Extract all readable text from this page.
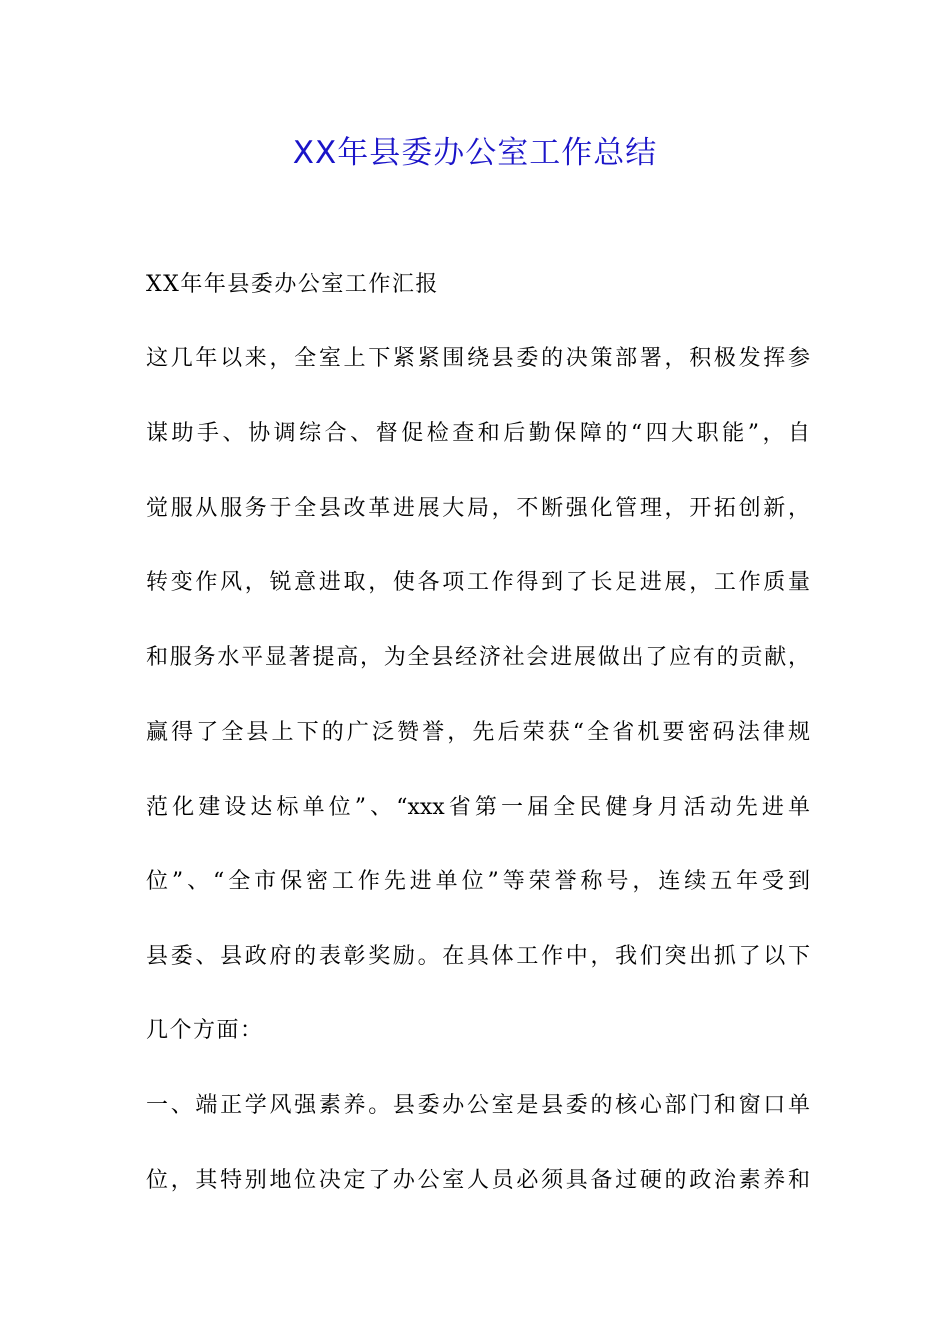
XX年县委办公室工作总结
XX年年县委办公室工作汇报
这几年以来，全室上下紧紧围绕县委的决策部署，积极发挥参
谋助手、协调综合、督促检查和后勤保障的“四大职能”，自
觉服从服务于全县改革进展大局，不断强化管理，开拓创新，
转变作风，锐意进取，使各项工作得到了长足进展，工作质量
和服务水平显著提高，为全县经济社会进展做出了应有的贡献，
赢得了全县上下的广泛赞誉，先后荣获“全省机要密码法律规
范化建设达标单位”、“xxx省第一届全民健身月活动先进单
位”、“全市保密工作先进单位”等荣誉称号，连续五年受到
县委、县政府的表彰奖励。在具体工作中，我们突出抓了以下
几个方面：
一、端正学风强素养。县委办公室是县委的核心部门和窗口单
位，其特别地位决定了办公室人员必须具备过硬的政治素养和
